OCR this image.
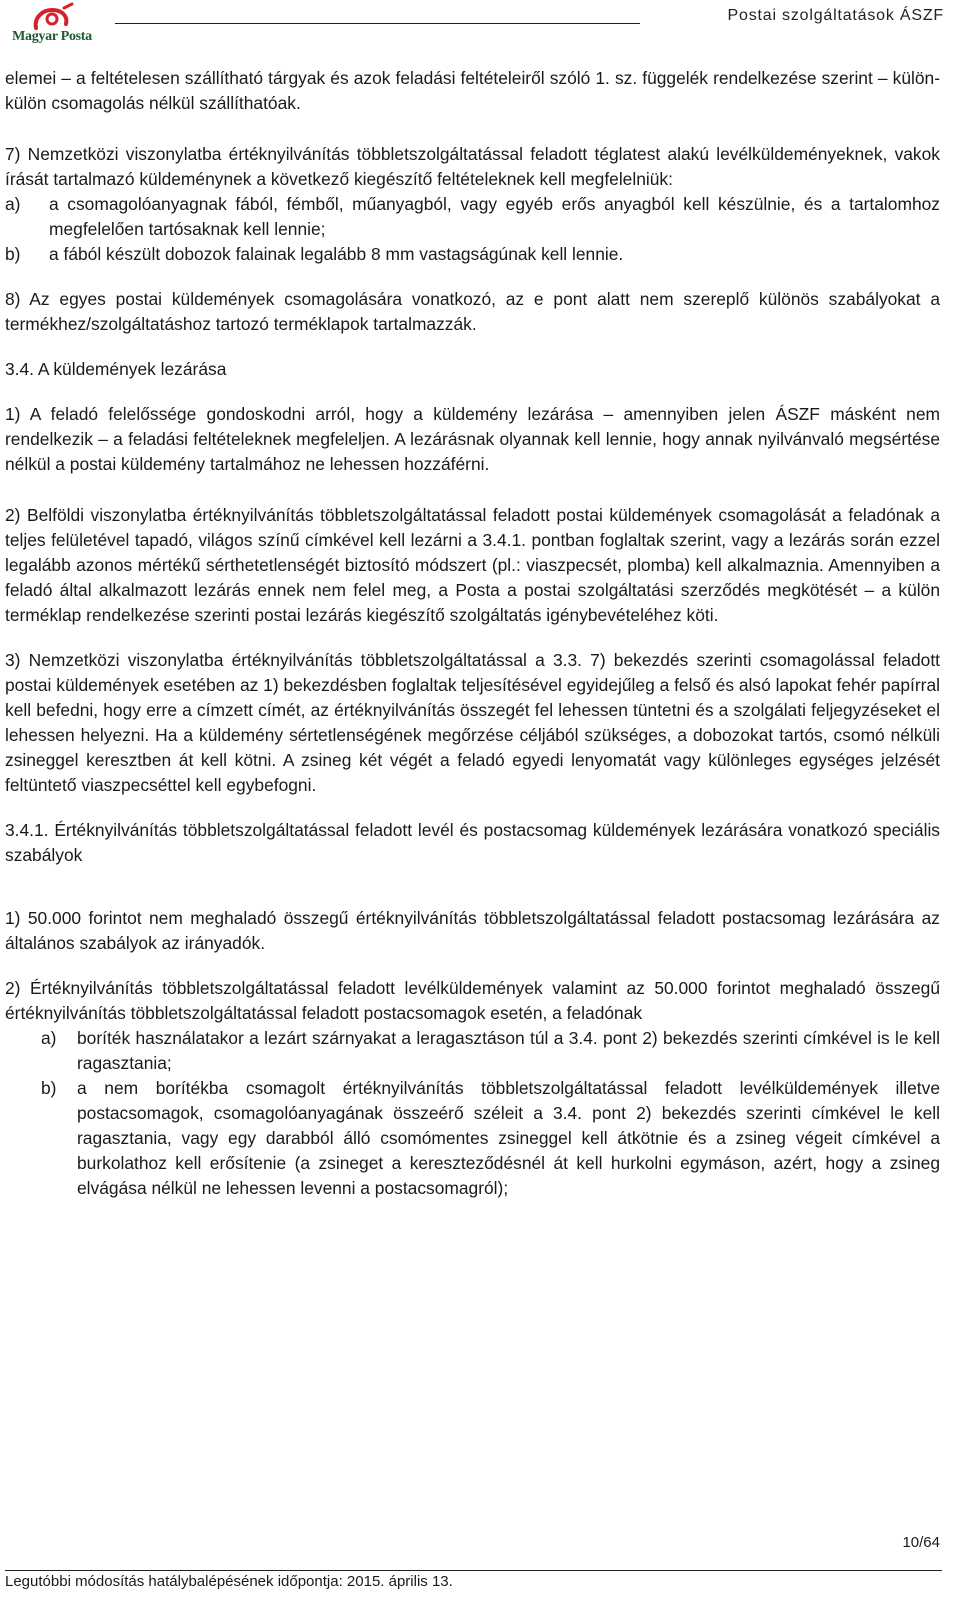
Magyar Posta
Postai szolgáltatások ÁSZF

elemei – a feltételesen szállítható tárgyak és azok feladási feltételeiről szóló 1. sz. függelék rendelkezése szerint – külön-külön csomagolás nélkül szállíthatóak.

7) Nemzetközi viszonylatba értéknyilvánítás többletszolgáltatással feladott téglatest alakú levélküldeményeknek, vakok írását tartalmazó küldeménynek a következő kiegészítő feltételeknek kell megfelelniük:

a) a csomagolóanyagnak fából, fémből, műanyagból, vagy egyéb erős anyagból kell készülnie, és a tartalomhoz megfelelően tartósaknak kell lennie;

b) a fából készült dobozok falainak legalább 8 mm vastagságúnak kell lennie.

8) Az egyes postai küldemények csomagolására vonatkozó, az e pont alatt nem szereplő különös szabályokat a termékhez/szolgáltatáshoz tartozó terméklapok tartalmazzák.

3.4. A küldemények lezárása

1) A feladó felelőssége gondoskodni arról, hogy a küldemény lezárása – amennyiben jelen ÁSZF másként nem rendelkezik – a feladási feltételeknek megfeleljen. A lezárásnak olyannak kell lennie, hogy annak nyilvánvaló megsértése nélkül a postai küldemény tartalmához ne lehessen hozzáférni.

2) Belföldi viszonylatba értéknyilvánítás többletszolgáltatással feladott postai küldemények csomagolását a feladónak a teljes felületével tapadó, világos színű címkével kell lezárni a 3.4.1. pontban foglaltak szerint, vagy a lezárás során ezzel legalább azonos mértékű sérthetetlenségét biztosító módszert (pl.: viaszpecsét, plomba) kell alkalmaznia. Amennyiben a feladó által alkalmazott lezárás ennek nem felel meg, a Posta a postai szolgáltatási szerződés megkötését – a külön terméklap rendelkezése szerinti postai lezárás kiegészítő szolgáltatás igénybevételéhez köti.

3) Nemzetközi viszonylatba értéknyilvánítás többletszolgáltatással a 3.3. 7) bekezdés szerinti csomagolással feladott postai küldemények esetében az 1) bekezdésben foglaltak teljesítésével egyidejűleg a felső és alsó lapokat fehér papírral kell befedni, hogy erre a címzett címét, az értéknyilvánítás összegét fel lehessen tüntetni és a szolgálati feljegyzéseket el lehessen helyezni. Ha a küldemény sértetlenségének megőrzése céljából szükséges, a dobozokat tartós, csomó nélküli zsineggel keresztben át kell kötni. A zsineg két végét a feladó egyedi lenyomatát vagy különleges egységes jelzését feltüntető viaszpecséttel kell egybefogni.

3.4.1. Értéknyilvánítás többletszolgáltatással feladott levél és postacsomag küldemények lezárására vonatkozó speciális szabályok

1) 50.000 forintot nem meghaladó összegű értéknyilvánítás többletszolgáltatással feladott postacsomag lezárására az általános szabályok az irányadók.

2) Értéknyilvánítás többletszolgáltatással feladott levélküldemények valamint az 50.000 forintot meghaladó összegű értéknyilvánítás többletszolgáltatással feladott postacsomagok esetén, a feladónak

a) boríték használatakor a lezárt szárnyakat a leragasztáson túl a 3.4. pont 2) bekezdés szerinti címkével is le kell ragasztania;

b) a nem borítékba csomagolt értéknyilvánítás többletszolgáltatással feladott levélküldemények illetve postacsomagok, csomagolóanyagának összeérő széleit a 3.4. pont 2) bekezdés szerinti címkével le kell ragasztania, vagy egy darabból álló csomómentes zsineggel kell átkötnie és a zsineg végeit címkével a burkolathoz kell erősítenie (a zsineget a kereszteződésnél át kell hurkolni egymáson, azért, hogy a zsineg elvágása nélkül ne lehessen levenni a postacsomagról);

10/64
Legutóbbi módosítás hatálybalépésének időpontja: 2015. április 13.
